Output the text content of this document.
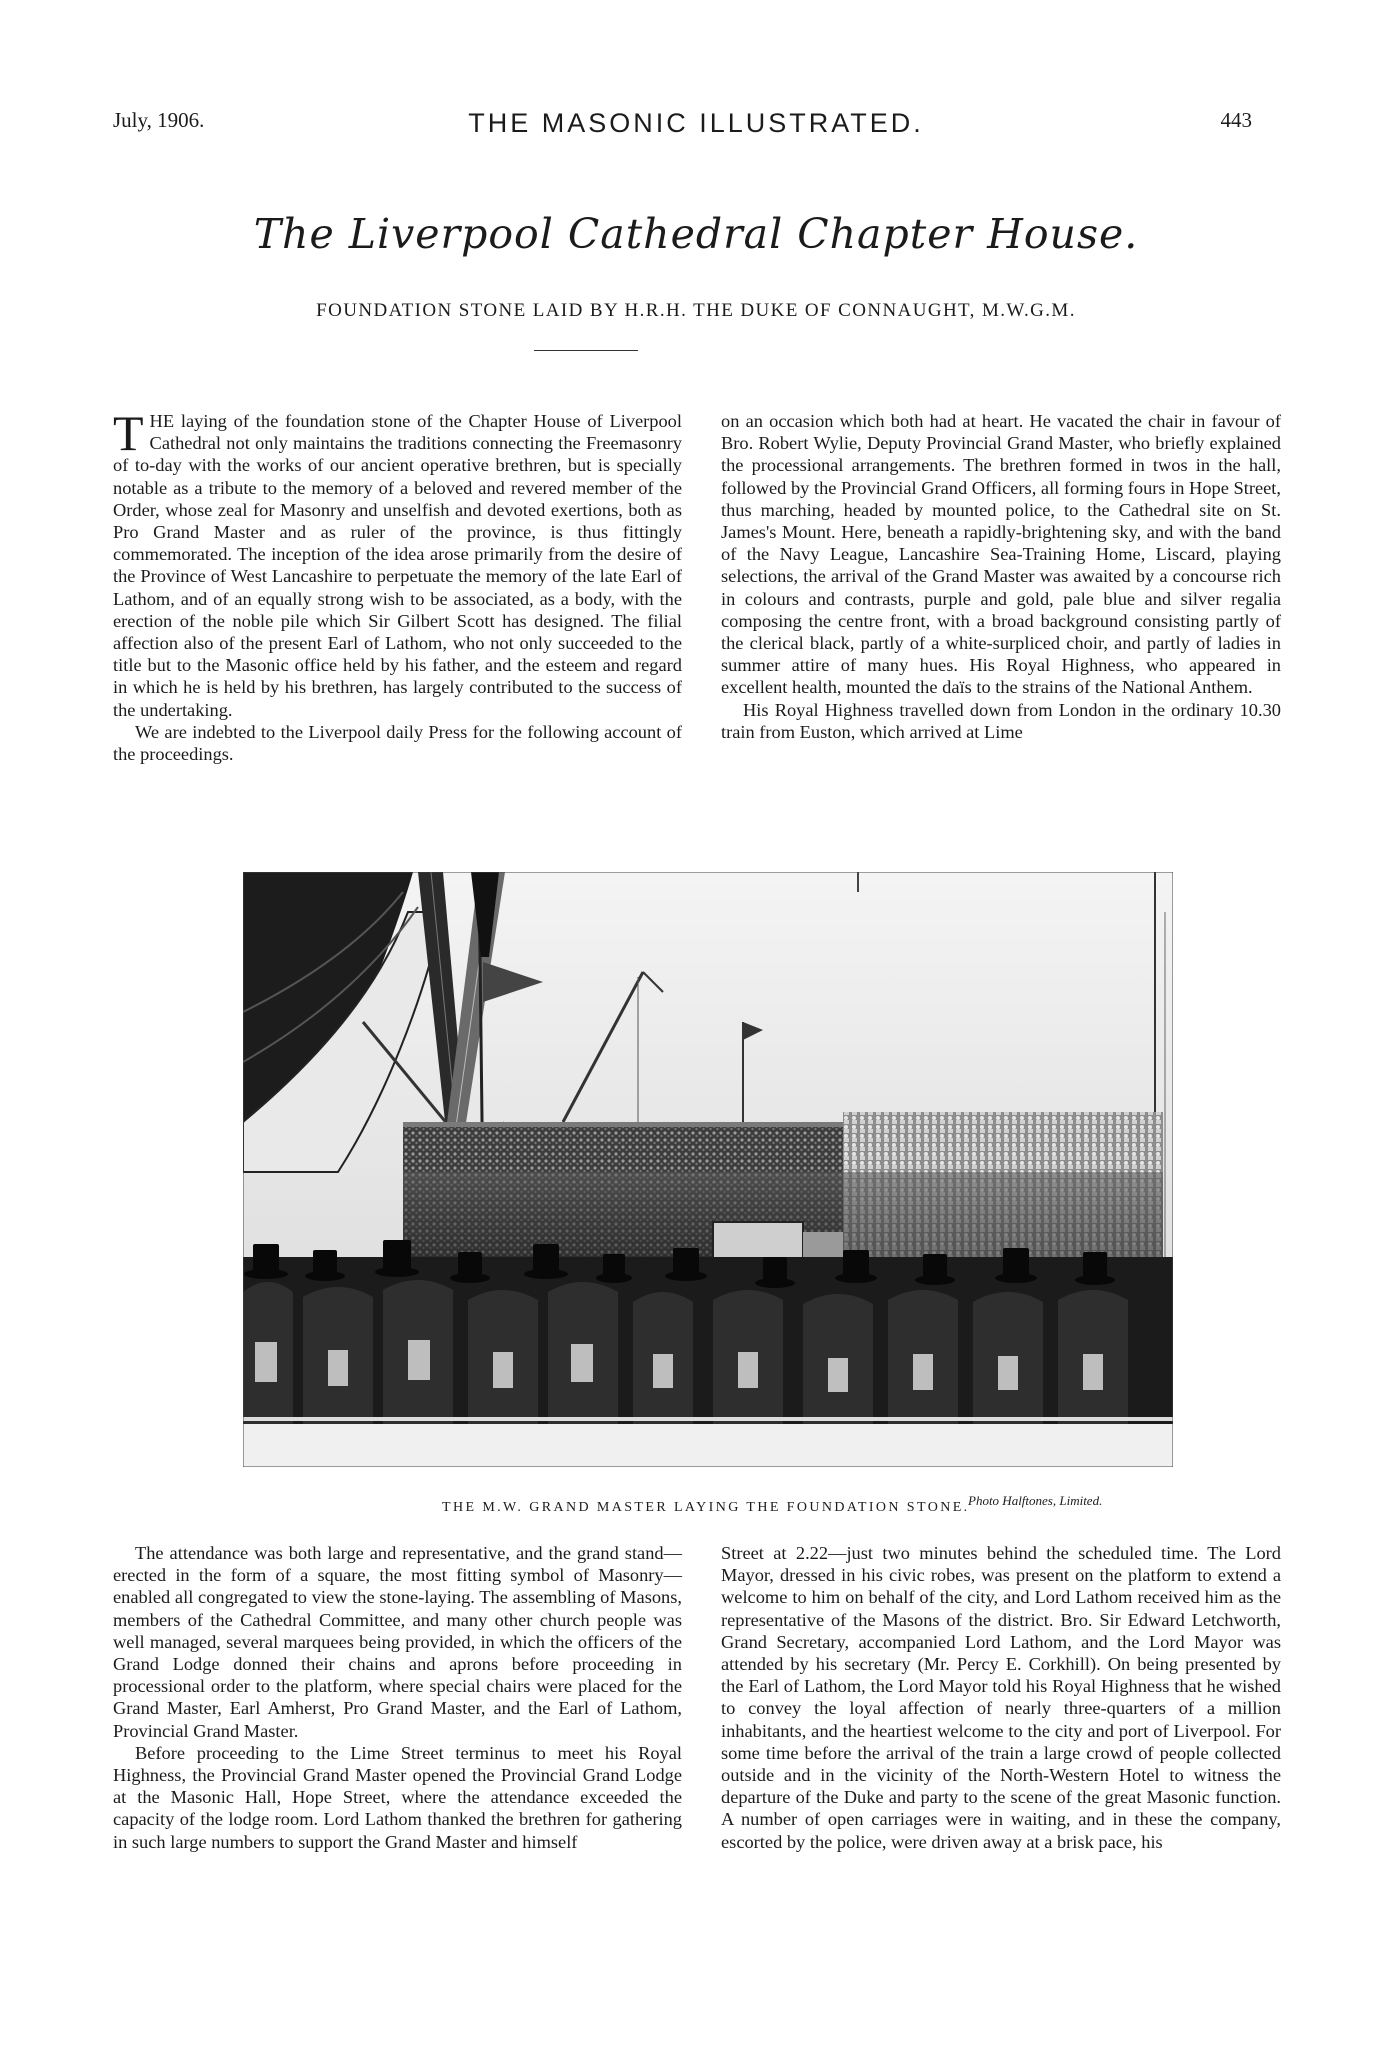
July, 1906.	THE MASONIC ILLUSTRATED.	443
The Liverpool Cathedral Chapter House.
FOUNDATION STONE LAID BY H.R.H. THE DUKE OF CONNAUGHT, M.W.G.M.

THE laying of the foundation stone of the Chapter House of Liverpool Cathedral not only maintains the traditions connecting the Freemasonry of to-day with the works of our ancient operative brethren, but is specially notable as a tribute to the memory of a beloved and revered member of the Order, whose zeal for Masonry and unselfish and devoted exertions, both as Pro Grand Master and as ruler of the province, is thus fittingly commemorated. The inception of the idea arose primarily from the desire of the Province of West Lancashire to perpetuate the memory of the late Earl of Lathom, and of an equally strong wish to be associated, as a body, with the erection of the noble pile which Sir Gilbert Scott has designed. The filial affection also of the present Earl of Lathom, who not only succeeded to the title but to the Masonic office held by his father, and the esteem and regard in which he is held by his brethren, has largely contributed to the success of the undertaking.

We are indebted to the Liverpool daily Press for the following account of the proceedings.

on an occasion which both had at heart. He vacated the chair in favour of Bro. Robert Wylie, Deputy Provincial Grand Master, who briefly explained the processional arrangements. The brethren formed in twos in the hall, followed by the Provincial Grand Officers, all forming fours in Hope Street, thus marching, headed by mounted police, to the Cathedral site on St. James's Mount. Here, beneath a rapidly-brightening sky, and with the band of the Navy League, Lancashire Sea-Training Home, Liscard, playing selections, the arrival of the Grand Master was awaited by a concourse rich in colours and contrasts, purple and gold, pale blue and silver regalia composing the centre front, with a broad background consisting partly of the clerical black, partly of a white-surpliced choir, and partly of ladies in summer attire of many hues. His Royal Highness, who appeared in excellent health, mounted the daïs to the strains of the National Anthem.

His Royal Highness travelled down from London in the ordinary 10.30 train from Euston, which arrived at Lime

THE M.W. GRAND MASTER LAYING THE FOUNDATION STONE.
Photo Halftones, Limited.

The attendance was both large and representative, and the grand stand—erected in the form of a square, the most fitting symbol of Masonry—enabled all congregated to view the stone-laying. The assembling of Masons, members of the Cathedral Committee, and many other church people was well managed, several marquees being provided, in which the officers of the Grand Lodge donned their chains and aprons before proceeding in processional order to the platform, where special chairs were placed for the Grand Master, Earl Amherst, Pro Grand Master, and the Earl of Lathom, Provincial Grand Master.

Before proceeding to the Lime Street terminus to meet his Royal Highness, the Provincial Grand Master opened the Provincial Grand Lodge at the Masonic Hall, Hope Street, where the attendance exceeded the capacity of the lodge room. Lord Lathom thanked the brethren for gathering in such large numbers to support the Grand Master and himself

Street at 2.22—just two minutes behind the scheduled time. The Lord Mayor, dressed in his civic robes, was present on the platform to extend a welcome to him on behalf of the city, and Lord Lathom received him as the representative of the Masons of the district. Bro. Sir Edward Letchworth, Grand Secretary, accompanied Lord Lathom, and the Lord Mayor was attended by his secretary (Mr. Percy E. Corkhill). On being presented by the Earl of Lathom, the Lord Mayor told his Royal Highness that he wished to convey the loyal affection of nearly three-quarters of a million inhabitants, and the heartiest welcome to the city and port of Liverpool. For some time before the arrival of the train a large crowd of people collected outside and in the vicinity of the North-Western Hotel to witness the departure of the Duke and party to the scene of the great Masonic function. A number of open carriages were in waiting, and in these the company, escorted by the police, were driven away at a brisk pace, his
